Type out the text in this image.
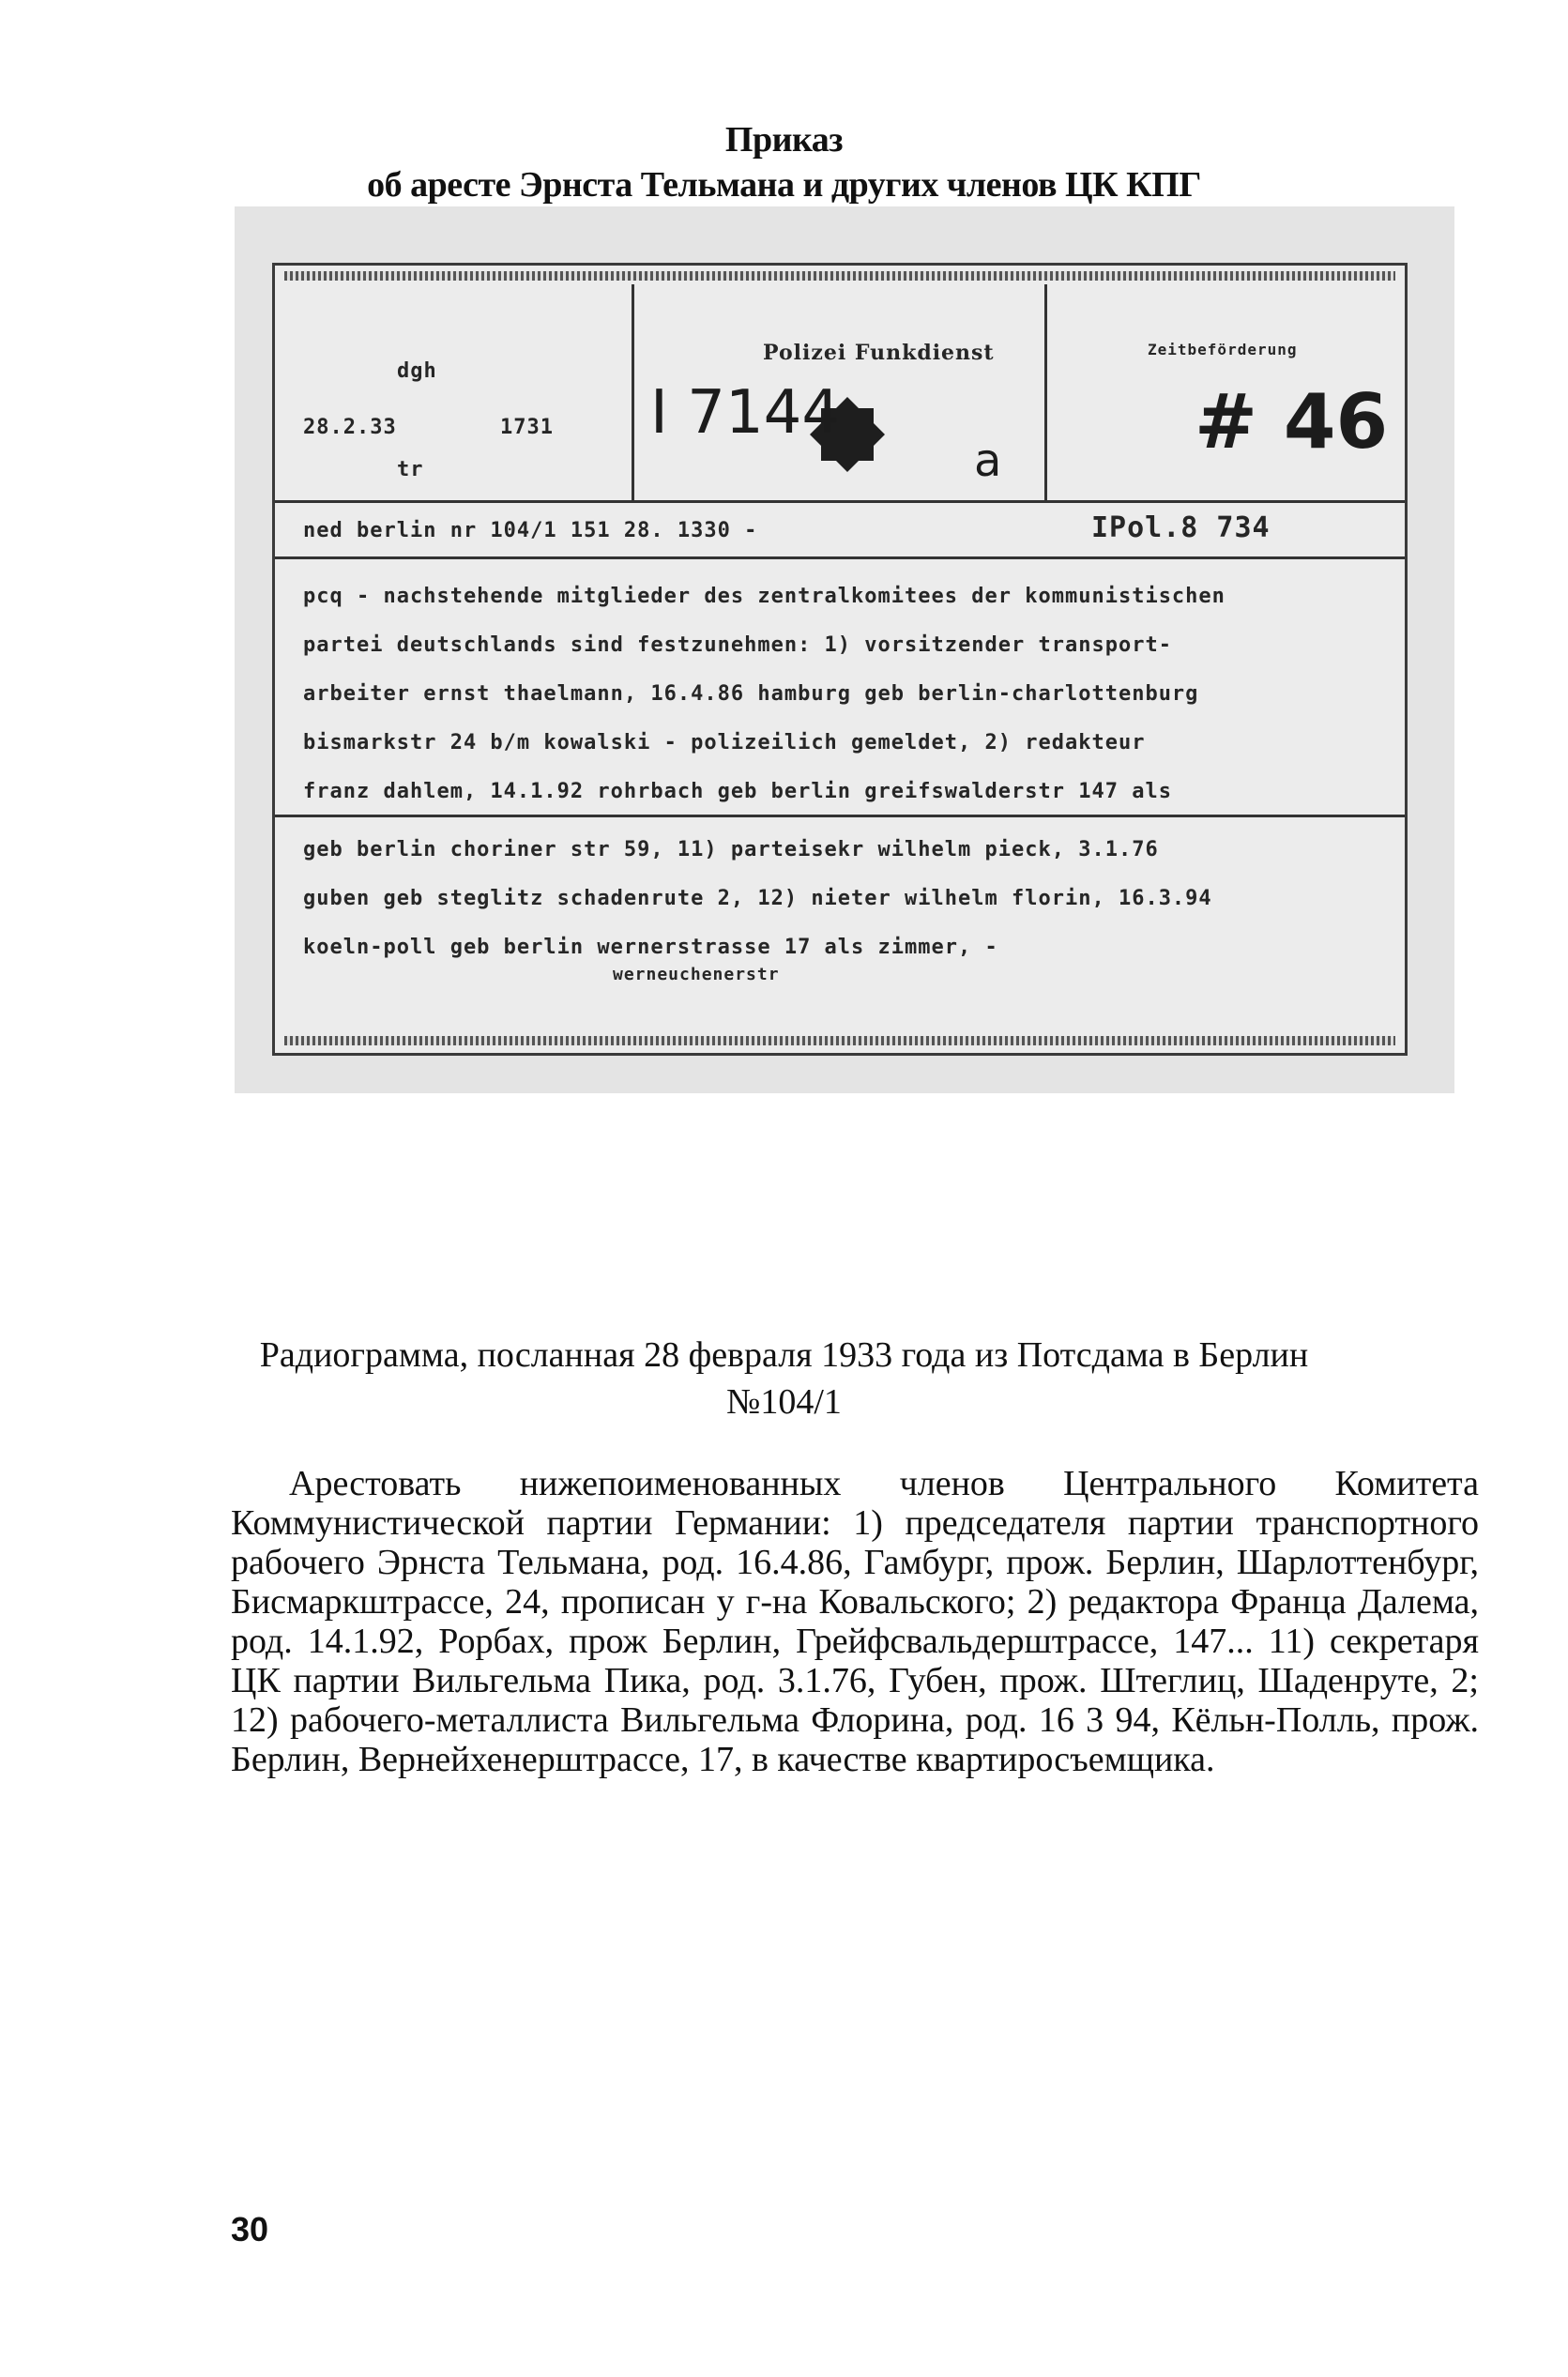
Приказ
об аресте Эрнста Тельмана и других членов ЦК КПГ
dgh
28.2.33	1731
tr
Polizei Funkdienst	Zeitbeförderung
I 7144
a	# 46
ned berlin nr 104/1 151 28. 1330 -	IPol.8 734
pcq - nachstehende mitglieder des zentralkomitees der kommunistischen
partei deutschlands sind festzunehmen: 1) vorsitzender transport-
arbeiter ernst thaelmann, 16.4.86 hamburg geb berlin-charlottenburg
bismarkstr 24 b/m kowalski - polizeilich gemeldet, 2) redakteur
franz dahlem, 14.1.92 rohrbach geb berlin greifswalderstr 147 als
geb berlin choriner str 59, 11) parteisekr wilhelm pieck, 3.1.76
guben geb steglitz schadenrute 2, 12) nieter wilhelm florin, 16.3.94
koeln-poll geb berlin wernerstrasse 17 als zimmer, -
werneuchenerstr
Радиограмма, посланная 28 февраля 1933 года из Потсдама в Берлин
№104/1

Арестовать нижепоименованных членов Центрального Комитета Коммунистической партии Германии: 1) председателя партии транспортного рабочего Эрнста Тельмана, род. 16.4.86, Гамбург, прож. Берлин, Шарлоттенбург, Бисмаркштрассе, 24, прописан у г-на Ковальского; 2) редактора Франца Далема, род. 14.1.92, Рорбах, прож Берлин, Грейфсвальдерштрассе, 147... 11) секретаря ЦК партии Вильгельма Пика, род. 3.1.76, Губен, прож. Штеглиц, Шаденруте, 2; 12) рабочего-металлиста Вильгельма Флорина, род. 16 3 94, Кёльн-Полль, прож. Берлин, Вернейхенерштрассе, 17, в качестве квартиросъемщика.

30
